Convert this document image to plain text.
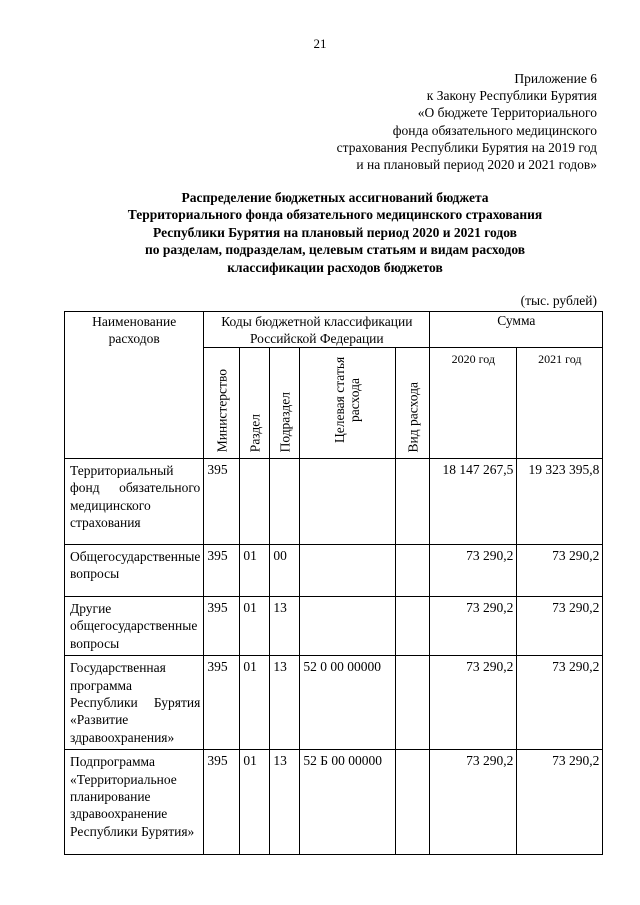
21
Приложение 6
к Закону Республики Бурятия
«О бюджете Территориального
фонда обязательного медицинского
страхования Республики Бурятия на 2019 год
и на плановый период 2020 и 2021 годов»
Распределение бюджетных ассигнований бюджета
Территориального фонда обязательного медицинского страхования
Республики Бурятия на плановый период 2020 и 2021 годов
по разделам, подразделам, целевым статьям и видам расходов
классификации расходов бюджетов
(тыс. рублей)
Наименование расходов	Коды бюджетной классификации Российской Федерации					Сумма	

	Министерство	Раздел	Подраздел	Целевая статья расхода	Вид расхода	2020 год	2021 год
Территориальный фонд обязательного медицинского страхования	395					18 147 267,5	19 323 395,8
Общегосударственные вопросы	395	01	00			73 290,2	73 290,2
Другие общегосударственные вопросы	395	01	13			73 290,2	73 290,2
Государственная программа Республики Бурятия «Развитие здравоохранения»	395	01	13	52 0 00 00000		73 290,2	73 290,2
Подпрограмма «Территориальное планирование здравоохранение Республики Бурятия»	395	01	13	52 Б 00 00000		73 290,2	73 290,2
